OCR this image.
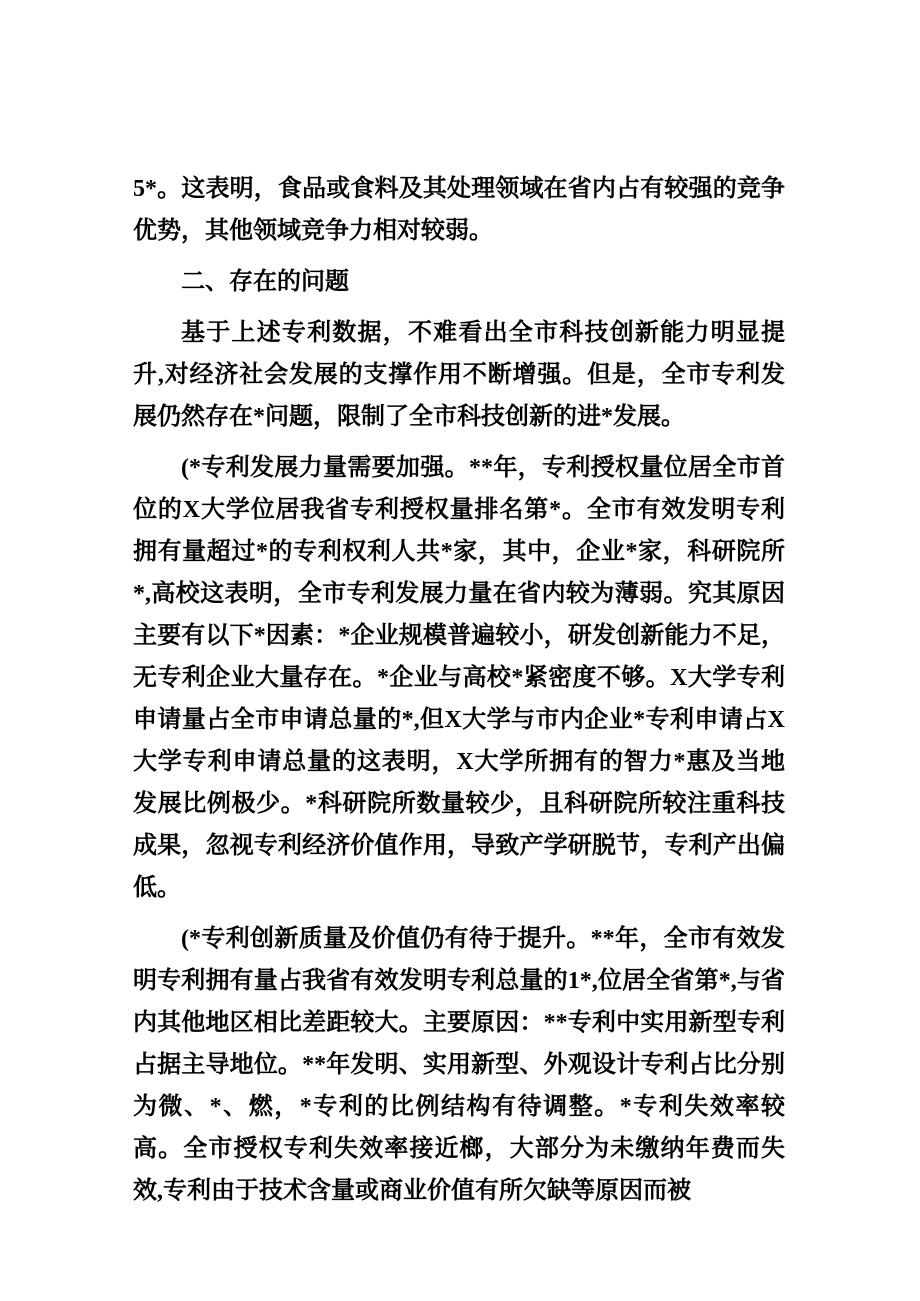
5*。这表明，食品或食料及其处理领域在省内占有较强的竞争优势，其他领域竞争力相对较弱。

二、存在的问题

基于上述专利数据，不难看出全市科技创新能力明显提升,对经济社会发展的支撑作用不断增强。但是，全市专利发展仍然存在*问题，限制了全市科技创新的进*发展。

(*专利发展力量需要加强。**年，专利授权量位居全市首位的X大学位居我省专利授权量排名第*。全市有效发明专利拥有量超过*的专利权利人共*家，其中，企业*家，科研院所*,高校这表明，全市专利发展力量在省内较为薄弱。究其原因主要有以下*因素：*企业规模普遍较小，研发创新能力不足，无专利企业大量存在。*企业与高校*紧密度不够。X大学专利申请量占全市申请总量的*,但X大学与市内企业*专利申请占X大学专利申请总量的这表明，X大学所拥有的智力*惠及当地发展比例极少。*科研院所数量较少，且科研院所较注重科技成果，忽视专利经济价值作用，导致产学研脱节，专利产出偏低。

(*专利创新质量及价值仍有待于提升。**年，全市有效发明专利拥有量占我省有效发明专利总量的1*,位居全省第*,与省内其他地区相比差距较大。主要原因：**专利中实用新型专利占据主导地位。**年发明、实用新型、外观设计专利占比分别为微、*、燃，*专利的比例结构有待调整。*专利失效率较高。全市授权专利失效率接近榔，大部分为未缴纳年费而失效,专利由于技术含量或商业价值有所欠缺等原因而被
